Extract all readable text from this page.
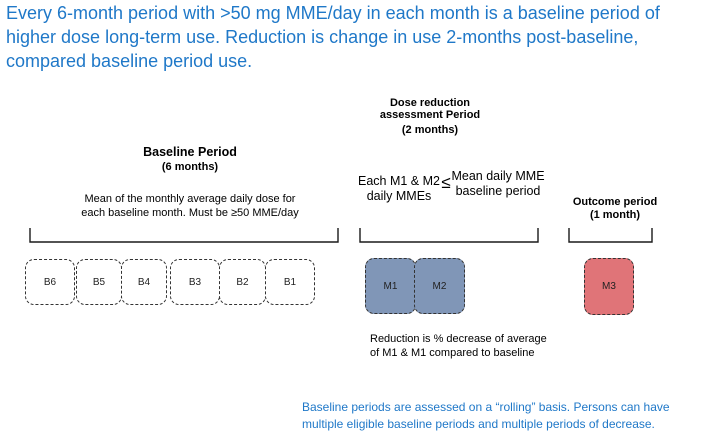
Every 6-month period with >50 mg MME/day in each month is a baseline period of higher dose long-term use. Reduction is change in use 2-months post-baseline, compared baseline period use.
Baseline Period
(6 months)
Mean of the monthly average daily dose for
each baseline month. Must be ≥50 MME/day
B6	B5	B4	B3	B2	B1
Dose reduction
assessment Period
(2 months)
Each M1 & M2
daily MMEs
≤ Mean daily MME
baseline period
M1	M2
Reduction is % decrease of average
of M1 & M1 compared to baseline
Outcome period
(1 month)
M3
Baseline periods are assessed on a “rolling” basis. Persons can have
multiple eligible baseline periods and multiple periods of decrease.
